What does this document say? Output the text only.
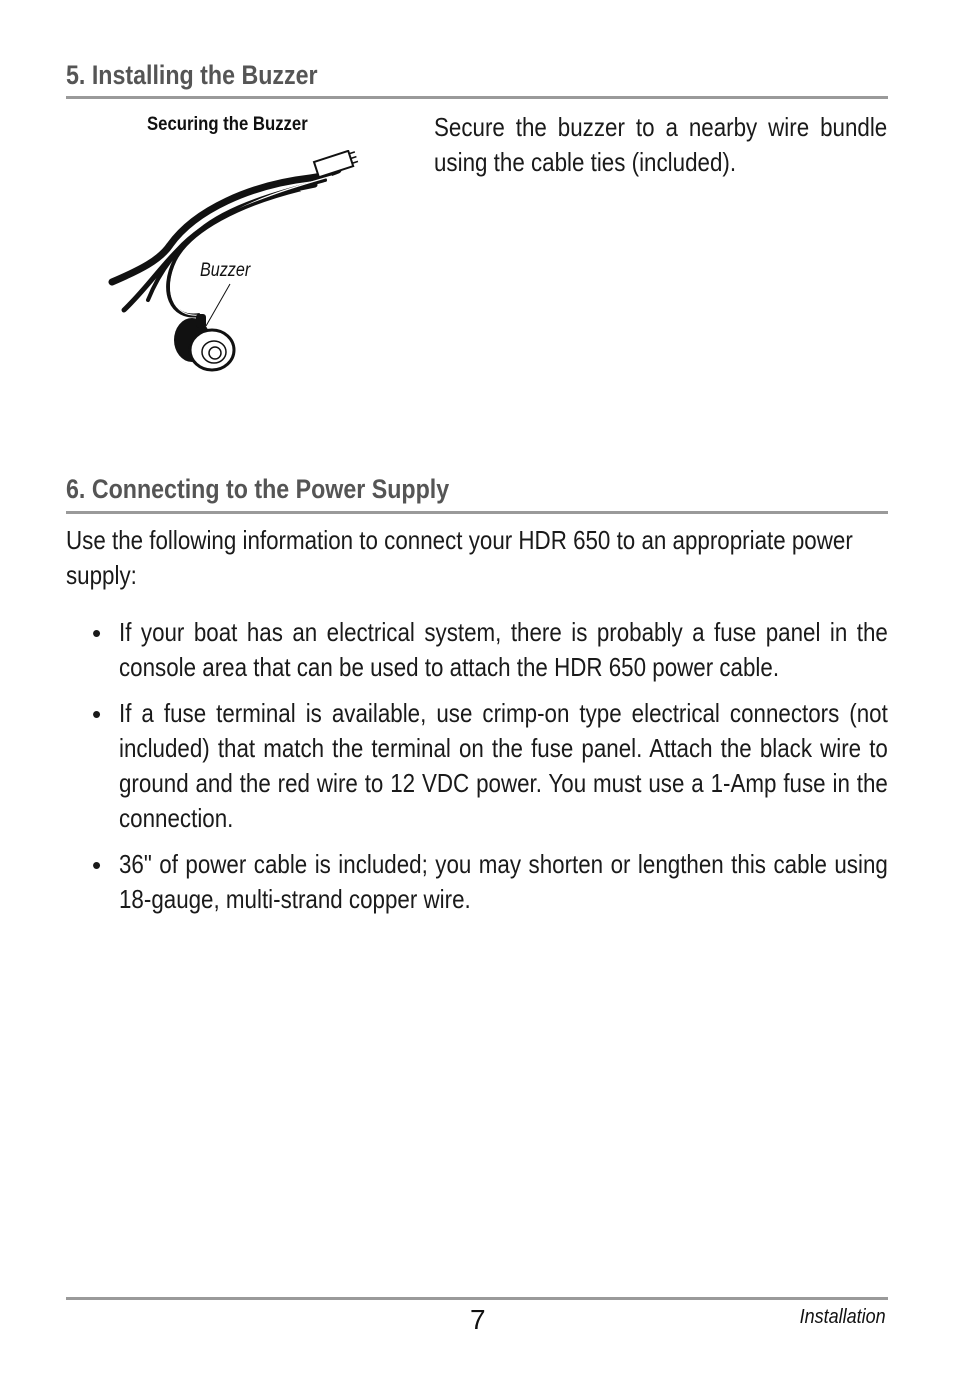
5. Installing the Buzzer
Securing the Buzzer
Buzzer
Secure the buzzer to a nearby wire bundle using the cable ties (included).
6. Connecting to the Power Supply
Use the following information to connect your HDR 650 to an appropriate power supply:
• If your boat has an electrical system, there is probably a fuse panel in the console area that can be used to attach the HDR 650 power cable.
• If a fuse terminal is available, use crimp-on type electrical connectors (not included) that match the terminal on the fuse panel. Attach the black wire to ground and the red wire to 12 VDC power. You must use a 1-Amp fuse in the connection.
• 36" of power cable is included; you may shorten or lengthen this cable using 18-gauge, multi-strand copper wire.
7	Installation
